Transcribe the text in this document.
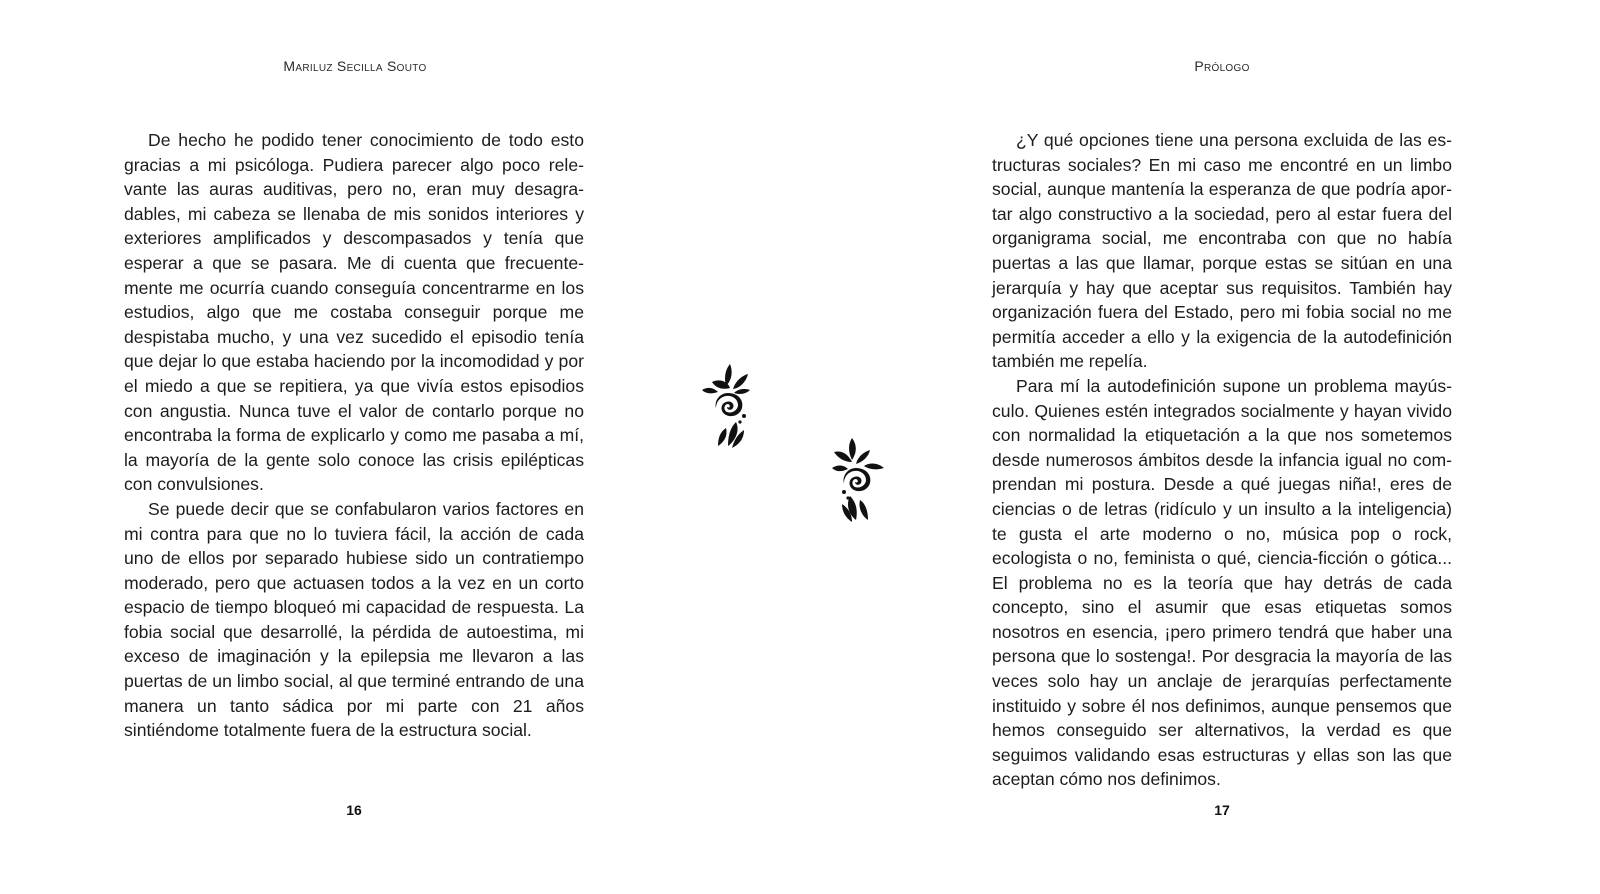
Mariluz Secilla Souto

De hecho he podido tener conocimiento de todo esto gracias a mi psicóloga. Pudiera parecer algo poco relevante las auras auditivas, pero no, eran muy desagradables, mi cabeza se llenaba de mis sonidos interiores y exteriores amplificados y descompasados y tenía que esperar a que se pasara. Me di cuenta que frecuentemente me ocurría cuando conseguía concentrarme en los estudios, algo que me costaba conseguir porque me despistaba mucho, y una vez sucedido el episodio tenía que dejar lo que estaba haciendo por la incomodidad y por el miedo a que se repitiera, ya que vivía estos episodios con angustia. Nunca tuve el valor de contarlo porque no encontraba la forma de explicarlo y como me pasaba a mí, la mayoría de la gente solo conoce las crisis epilépticas con convulsiones.

Se puede decir que se confabularon varios factores en mi contra para que no lo tuviera fácil, la acción de cada uno de ellos por separado hubiese sido un contratiempo moderado, pero que actuasen todos a la vez en un corto espacio de tiempo bloqueó mi capacidad de respuesta. La fobia social que desarrollé, la pérdida de autoestima, mi exceso de imaginación y la epilepsia me llevaron a las puertas de un limbo social, al que terminé entrando de una manera un tanto sádica por mi parte con 21 años sintiéndome totalmente fuera de la estructura social.

16
Prólogo

¿Y qué opciones tiene una persona excluida de las estructuras sociales? En mi caso me encontré en un limbo social, aunque mantenía la esperanza de que podría aportar algo constructivo a la sociedad, pero al estar fuera del organigrama social, me encontraba con que no había puertas a las que llamar, porque estas se sitúan en una jerarquía y hay que aceptar sus requisitos. También hay organización fuera del Estado, pero mi fobia social no me permitía acceder a ello y la exigencia de la autodefinición también me repelía.

Para mí la autodefinición supone un problema mayúsculo. Quienes estén integrados socialmente y hayan vivido con normalidad la etiquetación a la que nos sometemos desde numerosos ámbitos desde la infancia igual no comprendan mi postura. Desde a qué juegas niña!, eres de ciencias o de letras (ridículo y un insulto a la inteligencia) te gusta el arte moderno o no, música pop o rock, ecologista o no, feminista o qué, ciencia-ficción o gótica... El problema no es la teoría que hay detrás de cada concepto, sino el asumir que esas etiquetas somos nosotros en esencia, ¡pero primero tendrá que haber una persona que lo sostenga!. Por desgracia la mayoría de las veces solo hay un anclaje de jerarquías perfectamente instituido y sobre él nos definimos, aunque pensemos que hemos conseguido ser alternativos, la verdad es que seguimos validando esas estructuras y ellas son las que aceptan cómo nos definimos.

17
